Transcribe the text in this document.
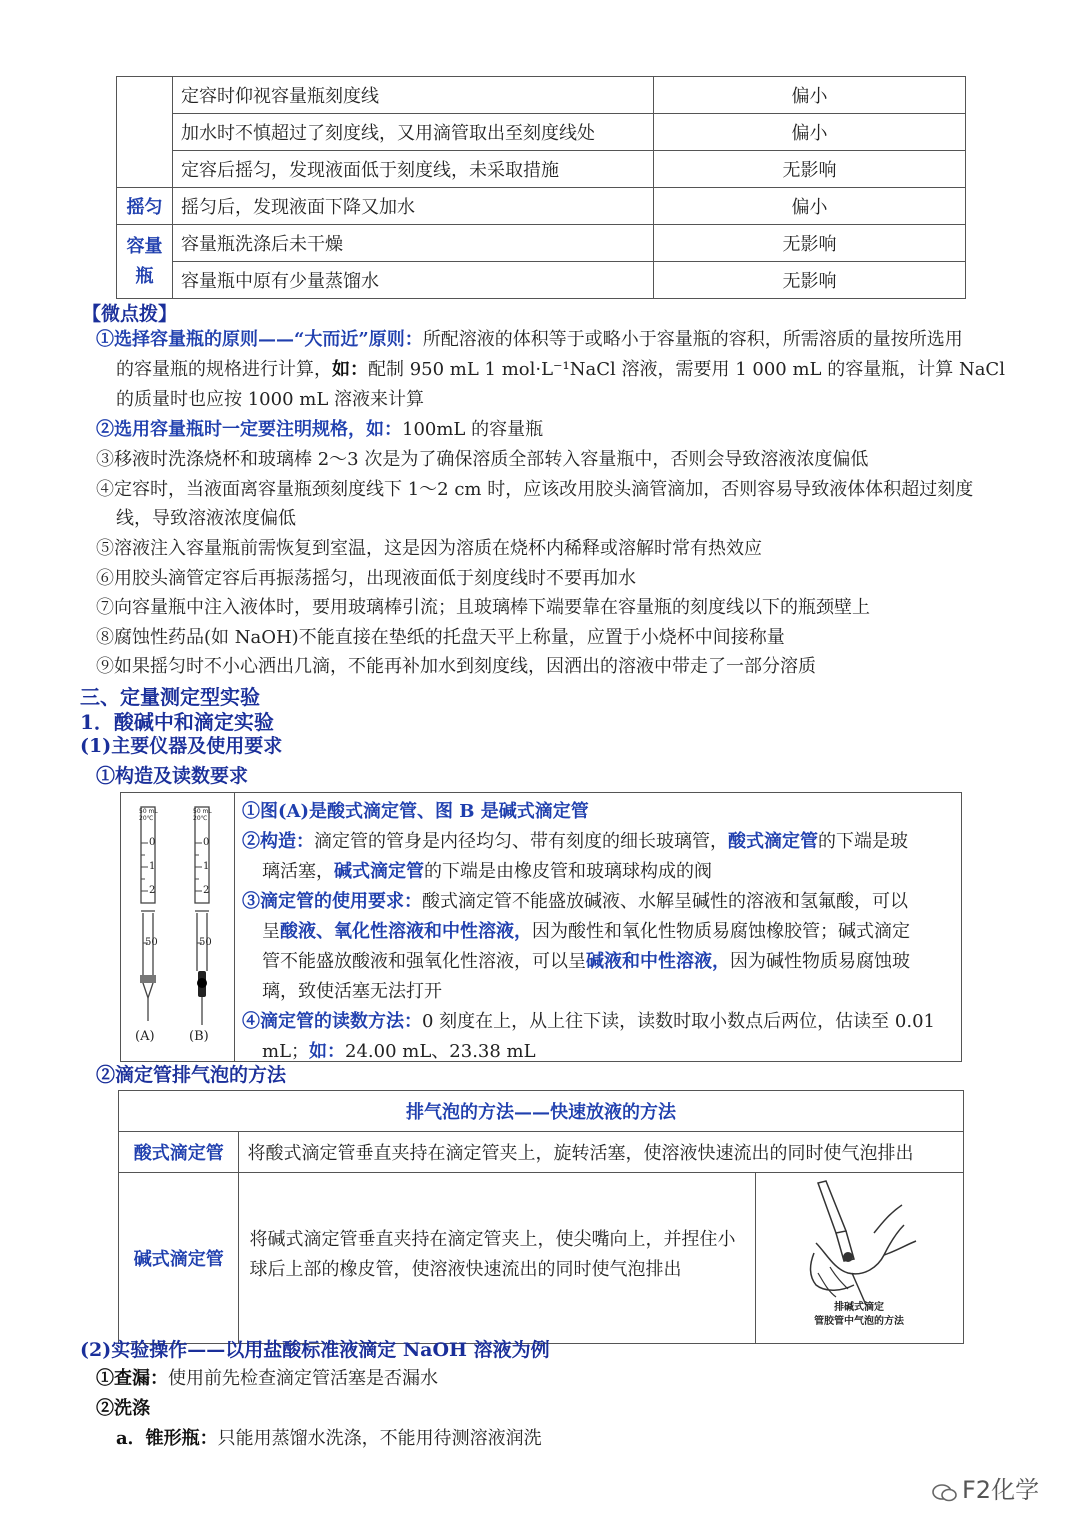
	定容时仰视容量瓶刻度线	偏小
	加水时不慎超过了刻度线，又用滴管取出至刻度线处	偏小
	定容后摇匀，发现液面低于刻度线，未采取措施	无影响
摇匀	摇匀后，发现液面下降又加水	偏小
容量瓶	容量瓶洗涤后未干燥	无影响
	容量瓶中原有少量蒸馏水	无影响
【微点拨】
①选择容量瓶的原则——“大而近”原则：所配溶液的体积等于或略小于容量瓶的容积，所需溶质的量按所选用
的容量瓶的规格进行计算，如：配制 950 mL 1 mol·L⁻¹NaCl 溶液，需要用 1 000 mL 的容量瓶，计算 NaCl
的质量时也应按 1000 mL 溶液来计算
②选用容量瓶时一定要注明规格，如：100mL 的容量瓶
③移液时洗涤烧杯和玻璃棒 2～3 次是为了确保溶质全部转入容量瓶中，否则会导致溶液浓度偏低
④定容时，当液面离容量瓶颈刻度线下 1～2 cm 时，应该改用胶头滴管滴加，否则容易导致液体体积超过刻度
线，导致溶液浓度偏低
⑤溶液注入容量瓶前需恢复到室温，这是因为溶质在烧杯内稀释或溶解时常有热效应
⑥用胶头滴管定容后再振荡摇匀，出现液面低于刻度线时不要再加水
⑦向容量瓶中注入液体时，要用玻璃棒引流；且玻璃棒下端要靠在容量瓶的刻度线以下的瓶颈壁上
⑧腐蚀性药品(如 NaOH)不能直接在垫纸的托盘天平上称量，应置于小烧杯中间接称量
⑨如果摇匀时不小心洒出几滴，不能再补加水到刻度线，因洒出的溶液中带走了一部分溶质
三、定量测定型实验
1．酸碱中和滴定实验
(1)主要仪器及使用要求
①构造及读数要求
50 mL 20℃
50 mL 20℃
0
1
2
50
0
1
2
50
(A)	(B)

①图(A)是酸式滴定管、图 B 是碱式滴定管

②构造：滴定管的管身是内径均匀、带有刻度的细长玻璃管，酸式滴定管的下端是玻

璃活塞，碱式滴定管的下端是由橡皮管和玻璃球构成的阀

③滴定管的使用要求：酸式滴定管不能盛放碱液、水解呈碱性的溶液和氢氟酸，可以

呈酸液、氧化性溶液和中性溶液，因为酸性和氧化性物质易腐蚀橡胶管；碱式滴定

管不能盛放酸液和强氧化性溶液，可以呈碱液和中性溶液，因为碱性物质易腐蚀玻

璃，致使活塞无法打开

④滴定管的读数方法：0 刻度在上，从上往下读，读数时取小数点后两位，估读至 0.01

mL；如：24.00 mL、23.38 mL

②滴定管排气泡的方法
排气泡的方法——快速放液的方法		
酸式滴定管	将酸式滴定管垂直夹持在滴定管夹上，旋转活塞，使溶液快速流出的同时使气泡排出	
碱式滴定管	将碱式滴定管垂直夹持在滴定管夹上，使尖嘴向上，并捏住小球后上部的橡皮管，使溶液快速流出的同时使气泡排出	排碱式滴定
管胶管中气泡的方法
(2)实验操作——以用盐酸标准液滴定 NaOH 溶液为例
①查漏：使用前先检查滴定管活塞是否漏水
②洗涤
a．锥形瓶：只能用蒸馏水洗涤，不能用待测溶液润洗
F2化学
